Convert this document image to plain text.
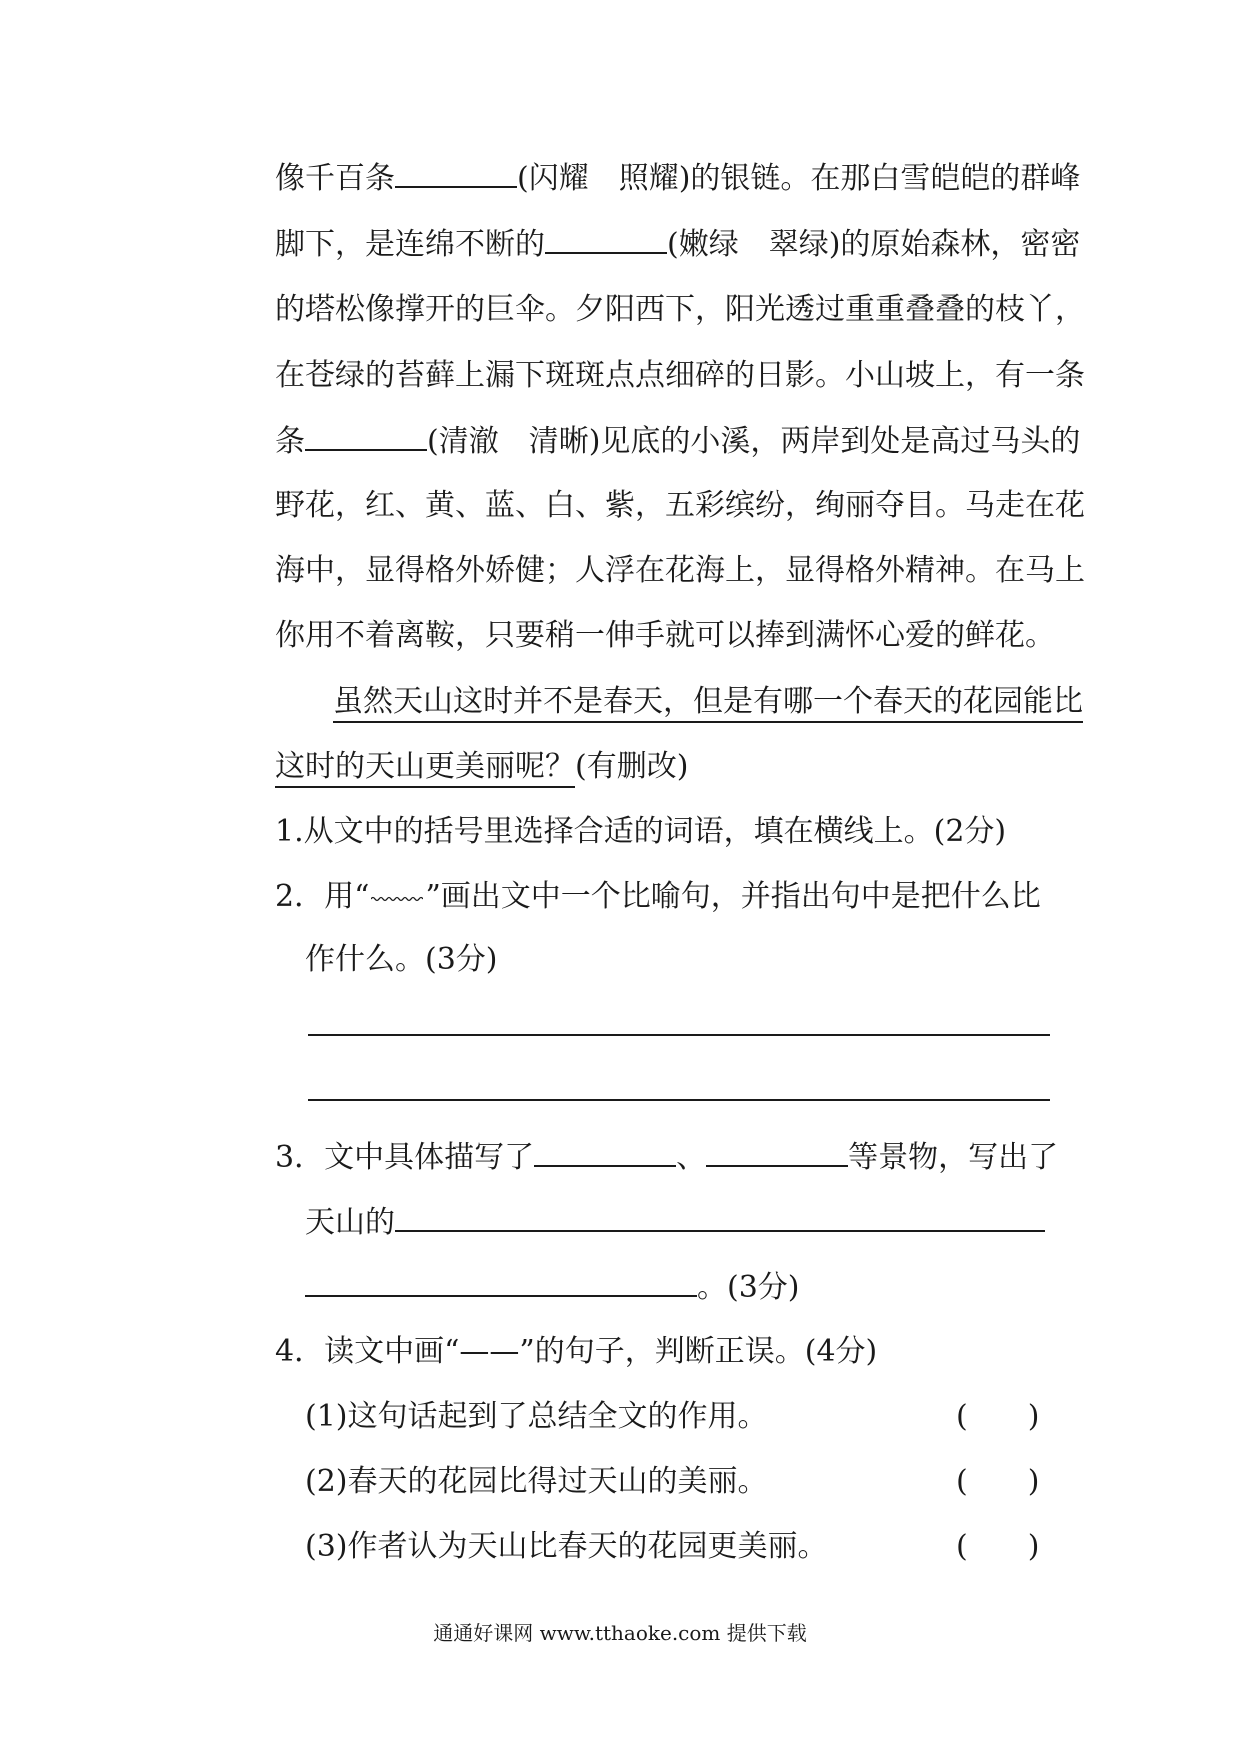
像千百条	(闪耀　照耀)的银链。在那白雪皑皑的群峰
脚下，是连绵不断的	(嫩绿　翠绿)的原始森林，密密
的塔松像撑开的巨伞。夕阳西下，阳光透过重重叠叠的枝丫，
在苍绿的苔藓上漏下斑斑点点细碎的日影。小山坡上，有一条
条	(清澈　清晰)见底的小溪，两岸到处是高过马头的
野花，红、黄、蓝、白、紫，五彩缤纷，绚丽夺目。马走在花
海中，显得格外娇健；人浮在花海上，显得格外精神。在马上
你用不着离鞍，只要稍一伸手就可以捧到满怀心爱的鲜花。
虽然天山这时并不是春天，但是有哪一个春天的花园能比
这时的天山更美丽呢？(有删改)
1.从文中的括号里选择合适的词语，填在横线上。(2分)
2．用“ ”画出文中一个比喻句，并指出句中是把什么比
作什么。(3分)
3．文中具体描写了	、	等景物，写出了
天山的
。(3分)
4．读文中画“——”的句子，判断正误。(4分)
(1)这句话起到了总结全文的作用。	(　　)
(2)春天的花园比得过天山的美丽。	(　　)
(3)作者认为天山比春天的花园更美丽。	(　　)
通通好课网 www.tthaoke.com 提供下载
